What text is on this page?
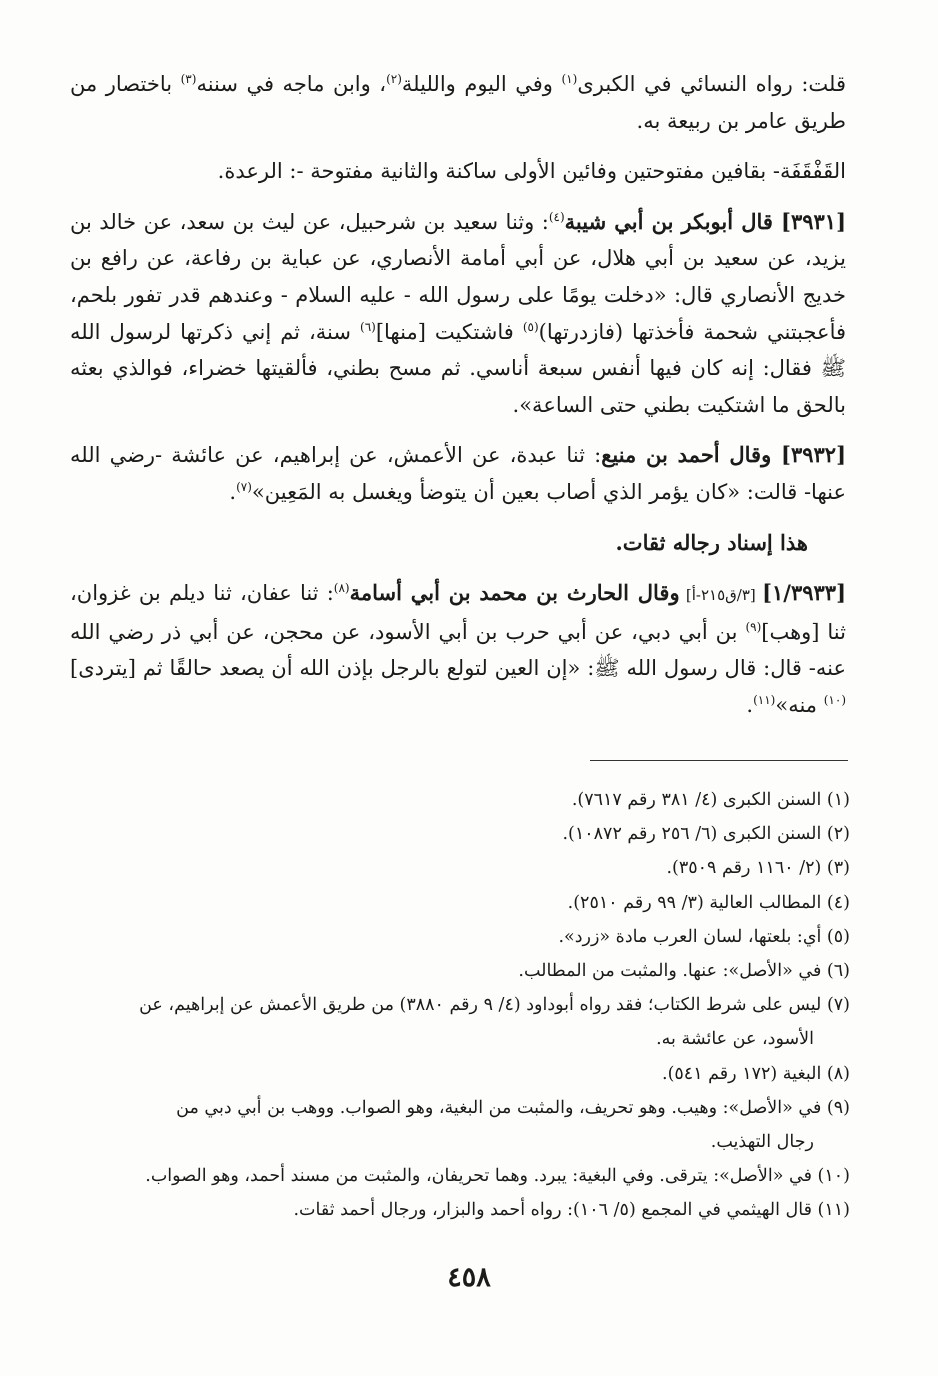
قلت: رواه النسائي في الكبرى$^{(١)}$ وفي اليوم والليلة$^{(٢)}$، وابن ماجه في سننه$^{(٣)}$ باختصار من طريق عامر بن ربيعة به.

القَفْقَفَة- بقافين مفتوحتين وفائين الأولى ساكنة والثانية مفتوحة -: الرعدة.

[٣٩٣١] قال أبوبكر بن أبي شيبة$^{(٤)}$: وثنا سعيد بن شرحبيل، عن ليث بن سعد، عن خالد بن يزيد، عن سعيد بن أبي هلال، عن أبي أمامة الأنصاري، عن عباية بن رفاعة، عن رافع بن خديج الأنصاري قال: «دخلت يومًا على رسول الله - عليه السلام - وعندهم قدر تفور بلحم، فأعجبتني شحمة فأخذتها (فازدرتها)$^{(٥)}$ فاشتكيت [منها]$^{(٦)}$ سنة، ثم إني ذكرتها لرسول الله ﷺ فقال: إنه كان فيها أنفس سبعة أناسي. ثم مسح بطني، فألقيتها خضراء، فوالذي بعثه بالحق ما اشتكيت بطني حتى الساعة».

[٣٩٣٢] وقال أحمد بن منيع: ثنا عبدة، عن الأعمش، عن إبراهيم، عن عائشة -رضي الله عنها- قالت: «كان يؤمر الذي أصاب بعين أن يتوضأ ويغسل به المَعِين»$^{(٧)}$.

هذا إسناد رجاله ثقات.

[١/٣٩٣٣] [٣/ق٢١٥-أ] وقال الحارث بن محمد بن أبي أسامة$^{(٨)}$: ثنا عفان، ثنا ديلم بن غزوان، ثنا [وهب]$^{(٩)}$ بن أبي دبي، عن أبي حرب بن أبي الأسود، عن محجن، عن أبي ذر رضي الله عنه- قال: قال رسول الله ﷺ: «إن العين لتولع بالرجل بإذن الله أن يصعد حالقًا ثم [يتردى]$^{(١٠)}$ منه»$^{(١١)}$.

(١) السنن الكبرى (٤/ ٣٨١ رقم ٧٦١٧).

(٢) السنن الكبرى (٦/ ٢٥٦ رقم ١٠٨٧٢).

(٣) (٢/ ١١٦٠ رقم ٣٥٠٩).

(٤) المطالب العالية (٣/ ٩٩ رقم ٢٥١٠).

(٥) أي: بلعتها، لسان العرب مادة «زرد».

(٦) في «الأصل»: عنها. والمثبت من المطالب.

(٧) ليس على شرط الكتاب؛ فقد رواه أبوداود (٤/ ٩ رقم ٣٨٨٠) من طريق الأعمش عن إبراهيم، عن

الأسود، عن عائشة به.

(٨) البغية (١٧٢ رقم ٥٤١).

(٩) في «الأصل»: وهيب. وهو تحريف، والمثبت من البغية، وهو الصواب. ووهب بن أبي دبي من

رجال التهذيب.

(١٠) في «الأصل»: يترقى. وفي البغية: يبرد. وهما تحريفان، والمثبت من مسند أحمد، وهو الصواب.

(١١) قال الهيثمي في المجمع (٥/ ١٠٦): رواه أحمد والبزار، ورجال أحمد ثقات.

٤٥٨
